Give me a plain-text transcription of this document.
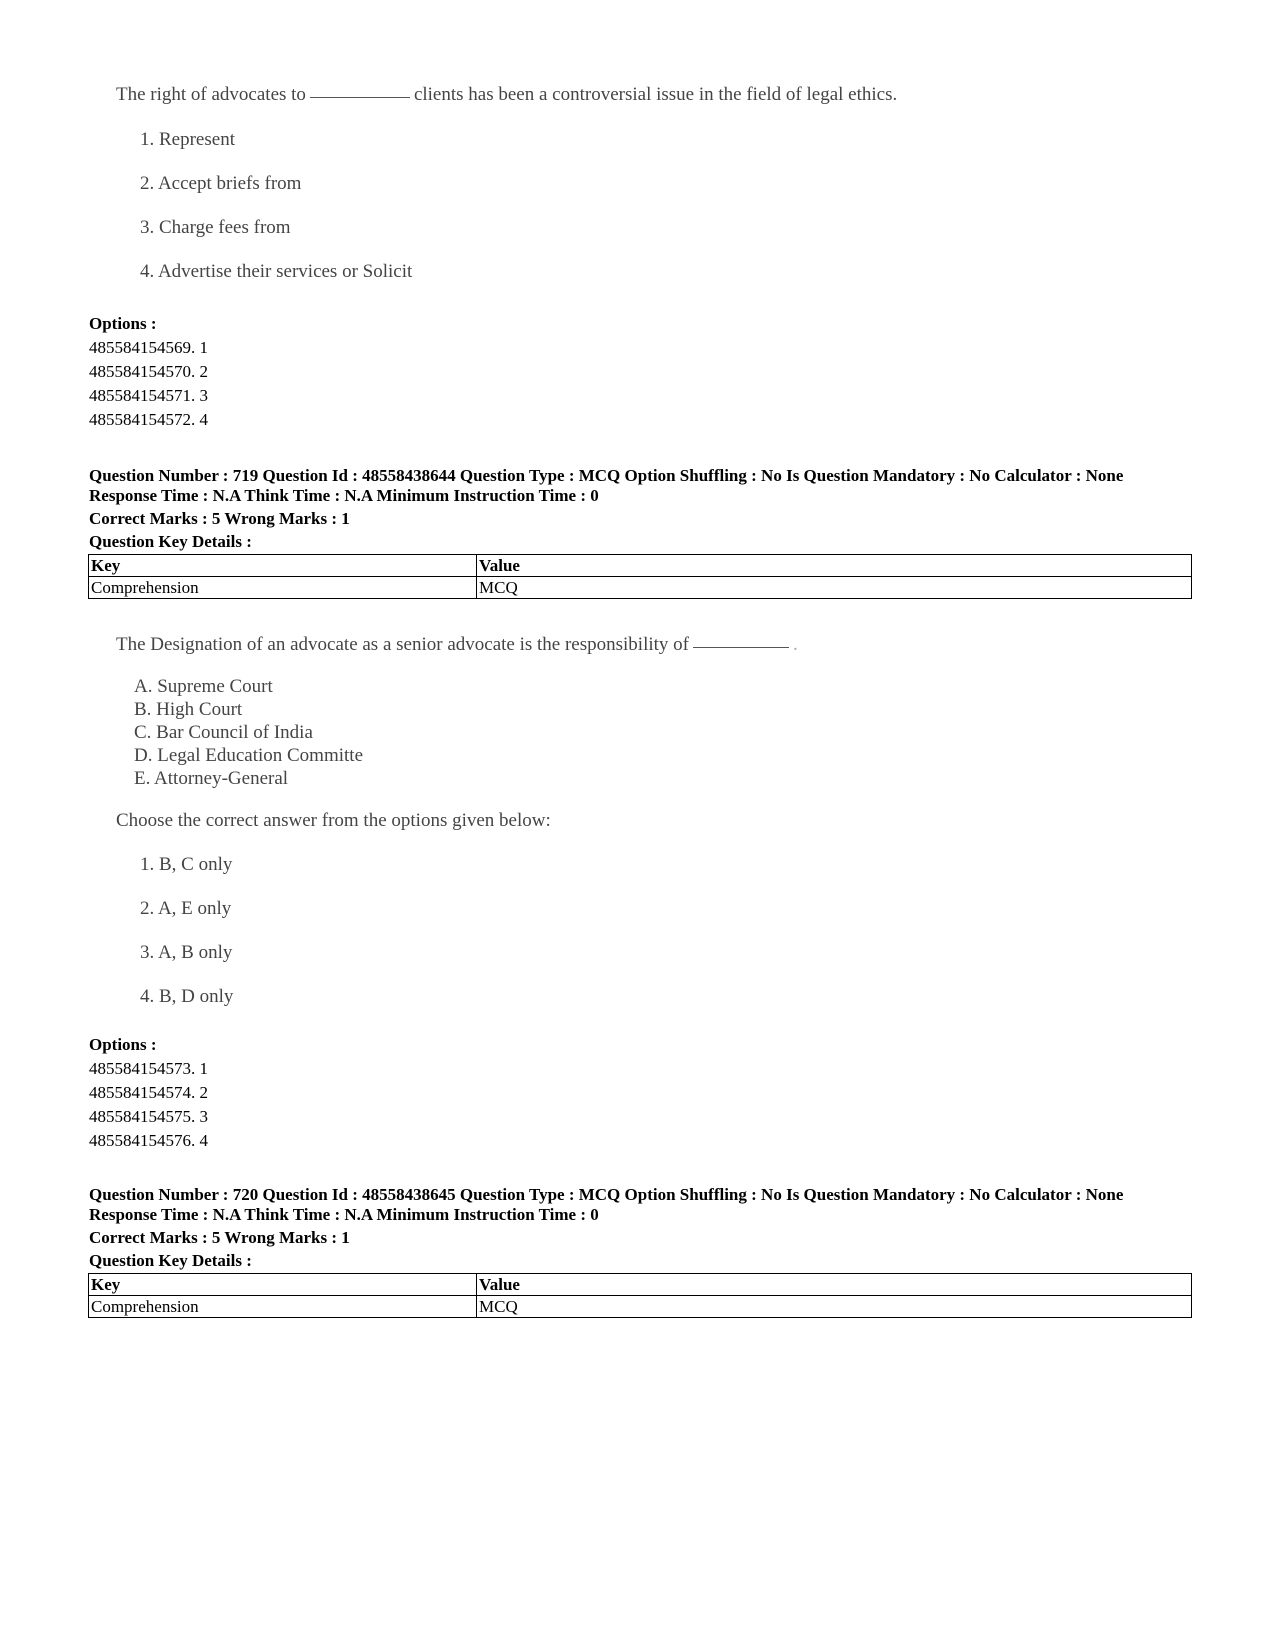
The right of advocates to	clients has been a controversial issue in the field of legal ethics.
1. Represent
2. Accept briefs from
3. Charge fees from
4. Advertise their services or Solicit
Options :
485584154569. 1
485584154570. 2
485584154571. 3
485584154572. 4
Question Number : 719 Question Id : 48558438644 Question Type : MCQ Option Shuffling : No Is Question Mandatory : No Calculator : None
Response Time : N.A Think Time : N.A Minimum Instruction Time : 0
Correct Marks : 5 Wrong Marks : 1
Question Key Details :
Key	Value
Comprehension	MCQ
The Designation of an advocate as a senior advocate is the responsibility of	.
A. Supreme Court
B. High Court
C. Bar Council of India
D. Legal Education Committe
E. Attorney-General
Choose the correct answer from the options given below:
1. B, C only
2. A, E only
3. A, B only
4. B, D only
Options :
485584154573. 1
485584154574. 2
485584154575. 3
485584154576. 4
Question Number : 720 Question Id : 48558438645 Question Type : MCQ Option Shuffling : No Is Question Mandatory : No Calculator : None
Response Time : N.A Think Time : N.A Minimum Instruction Time : 0
Correct Marks : 5 Wrong Marks : 1
Question Key Details :
Key	Value
Comprehension	MCQ
